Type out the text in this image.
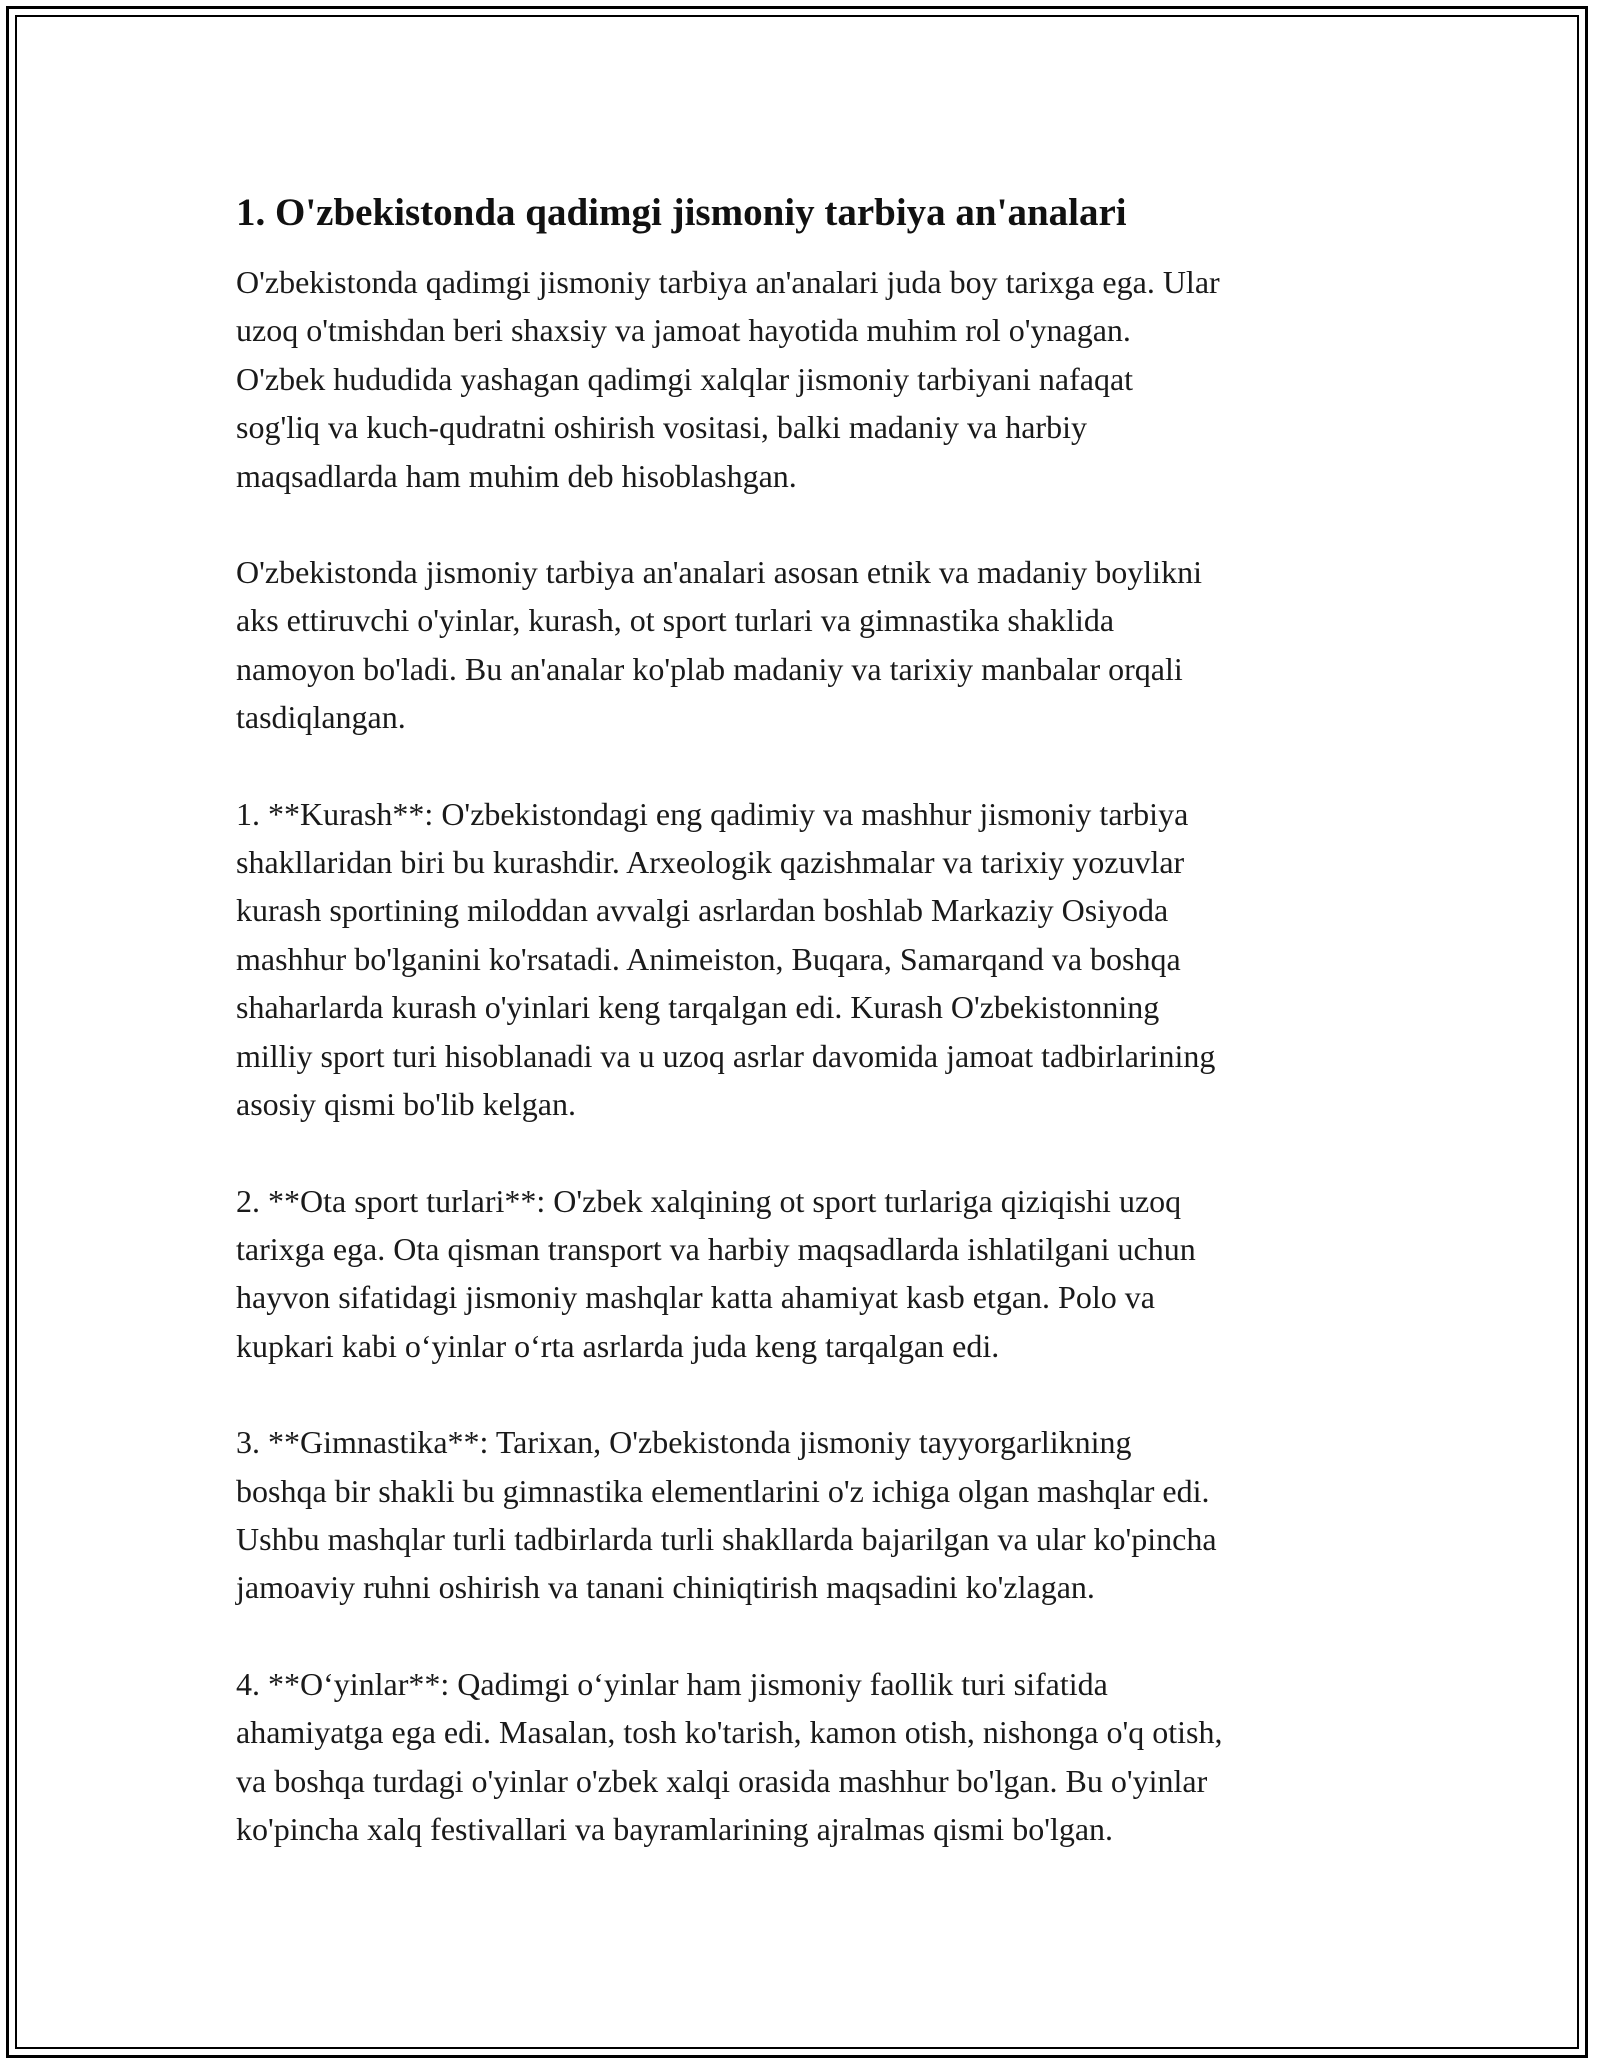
1. O'zbekistonda qadimgi jismoniy tarbiya an'analari

O'zbekistonda qadimgi jismoniy tarbiya an'analari juda boy tarixga ega. Ular
uzoq o'tmishdan beri shaxsiy va jamoat hayotida muhim rol o'ynagan.
O'zbek hududida yashagan qadimgi xalqlar jismoniy tarbiyani nafaqat
sog'liq va kuch-qudratni oshirish vositasi, balki madaniy va harbiy
maqsadlarda ham muhim deb hisoblashgan.

O'zbekistonda jismoniy tarbiya an'analari asosan etnik va madaniy boylikni
aks ettiruvchi o'yinlar, kurash, ot sport turlari va gimnastika shaklida
namoyon bo'ladi. Bu an'analar ko'plab madaniy va tarixiy manbalar orqali
tasdiqlangan.

1. **Kurash**: O'zbekistondagi eng qadimiy va mashhur jismoniy tarbiya
shakllaridan biri bu kurashdir. Arxeologik qazishmalar va tarixiy yozuvlar
kurash sportining miloddan avvalgi asrlardan boshlab Markaziy Osiyoda
mashhur bo'lganini ko'rsatadi. Animeiston, Buqara, Samarqand va boshqa
shaharlarda kurash o'yinlari keng tarqalgan edi. Kurash O'zbekistonning
milliy sport turi hisoblanadi va u uzoq asrlar davomida jamoat tadbirlarining
asosiy qismi bo'lib kelgan.

2. **Ota sport turlari**: O'zbek xalqining ot sport turlariga qiziqishi uzoq
tarixga ega. Ota qisman transport va harbiy maqsadlarda ishlatilgani uchun
hayvon sifatidagi jismoniy mashqlar katta ahamiyat kasb etgan. Polo va
kupkari kabi o‘yinlar o‘rta asrlarda juda keng tarqalgan edi.

3. **Gimnastika**: Tarixan, O'zbekistonda jismoniy tayyorgarlikning
boshqa bir shakli bu gimnastika elementlarini o'z ichiga olgan mashqlar edi.
Ushbu mashqlar turli tadbirlarda turli shakllarda bajarilgan va ular ko'pincha
jamoaviy ruhni oshirish va tanani chiniqtirish maqsadini ko'zlagan.

4. **O‘yinlar**: Qadimgi o‘yinlar ham jismoniy faollik turi sifatida
ahamiyatga ega edi. Masalan, tosh ko'tarish, kamon otish, nishonga o'q otish,
va boshqa turdagi o'yinlar o'zbek xalqi orasida mashhur bo'lgan. Bu o'yinlar
ko'pincha xalq festivallari va bayramlarining ajralmas qismi bo'lgan.
